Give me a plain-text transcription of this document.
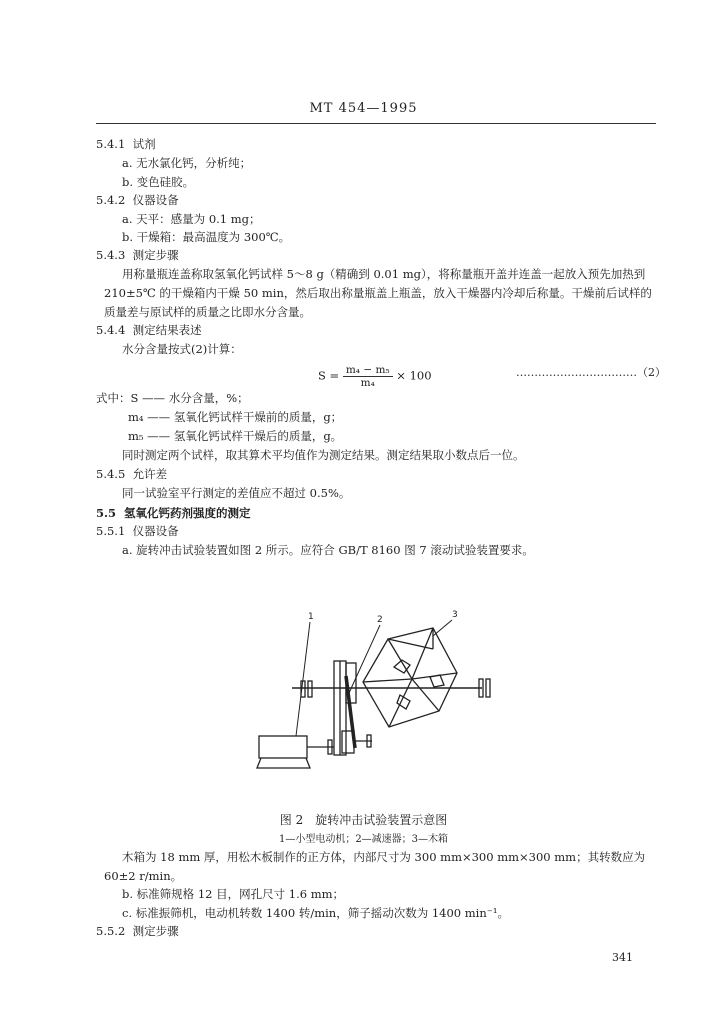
MT 454—1995
5.4.1 试剂
a. 无水氯化钙，分析纯；
b. 变色硅胶。
5.4.2 仪器设备
a. 天平：感量为 0.1 mg；
b. 干燥箱：最高温度为 300℃。
5.4.3 测定步骤
用称量瓶连盖称取氢氧化钙试样 5～8 g（精确到 0.01 mg），将称量瓶开盖并连盖一起放入预先加热到 210±5℃ 的干燥箱内干燥 50 min，然后取出称量瓶盖上瓶盖，放入干燥器内冷却后称量。干燥前后试样的质量差与原试样的质量之比即水分含量。
5.4.4 测定结果表述
水分含量按式(2)计算：
$S = \frac{\text{m₄ − m₅}}{\text{m₄}} \times 100$	……………………………（2）
式中：S —— 水分含量，%；
m₄ —— 氢氧化钙试样干燥前的质量，g；
m₅ —— 氢氧化钙试样干燥后的质量，g。
同时测定两个试样，取其算术平均值作为测定结果。测定结果取小数点后一位。
5.4.5 允许差
同一试验室平行测定的差值应不超过 0.5%。
5.5 氢氧化钙药剂强度的测定
5.5.1 仪器设备
a. 旋转冲击试验装置如图 2 所示。应符合 GB/T 8160 图 7 滚动试验装置要求。
1	2	3
图 2　旋转冲击试验装置示意图
1—小型电动机；2—减速器；3—木箱
木箱为 18 mm 厚，用松木板制作的正方体，内部尺寸为 300 mm×300 mm×300 mm；其转数应为 60±2 r/min。
b. 标准筛规格 12 目，网孔尺寸 1.6 mm；
c. 标准振筛机，电动机转数 1400 转/min，筛子摇动次数为 1400 min⁻¹。
5.5.2 测定步骤
341
